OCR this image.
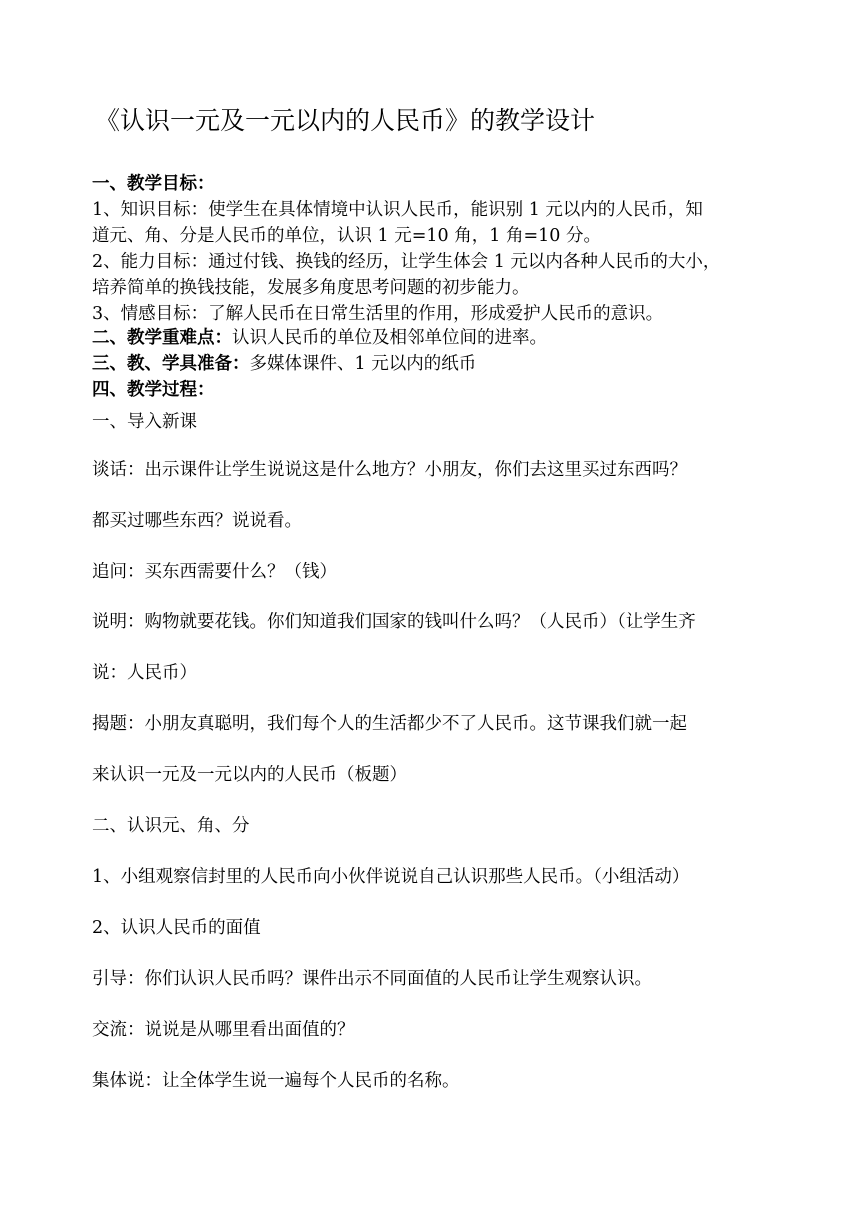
《认识一元及一元以内的人民币》的教学设计

一、教学目标：

1、知识目标：使学生在具体情境中认识人民币，能识别 1 元以内的人民币，知

道元、角、分是人民币的单位，认识 1 元=10 角，1 角=10 分。

2、能力目标：通过付钱、换钱的经历，让学生体会 1 元以内各种人民币的大小，

培养简单的换钱技能，发展多角度思考问题的初步能力。

3、情感目标：了解人民币在日常生活里的作用，形成爱护人民币的意识。

二、教学重难点：认识人民币的单位及相邻单位间的进率。

三、教、学具准备：多媒体课件、1 元以内的纸币

四、教学过程：

一、导入新课

谈话：出示课件让学生说说这是什么地方？小朋友，你们去这里买过东西吗？

都买过哪些东西？说说看。

追问：买东西需要什么？（钱）

说明：购物就要花钱。你们知道我们国家的钱叫什么吗？（人民币）（让学生齐

说：人民币）

揭题：小朋友真聪明，我们每个人的生活都少不了人民币。这节课我们就一起

来认识一元及一元以内的人民币（板题）

二、认识元、角、分

1、小组观察信封里的人民币向小伙伴说说自己认识那些人民币。（小组活动）

2、认识人民币的面值

引导：你们认识人民币吗？课件出示不同面值的人民币让学生观察认识。

交流：说说是从哪里看出面值的？

集体说：让全体学生说一遍每个人民币的名称。
